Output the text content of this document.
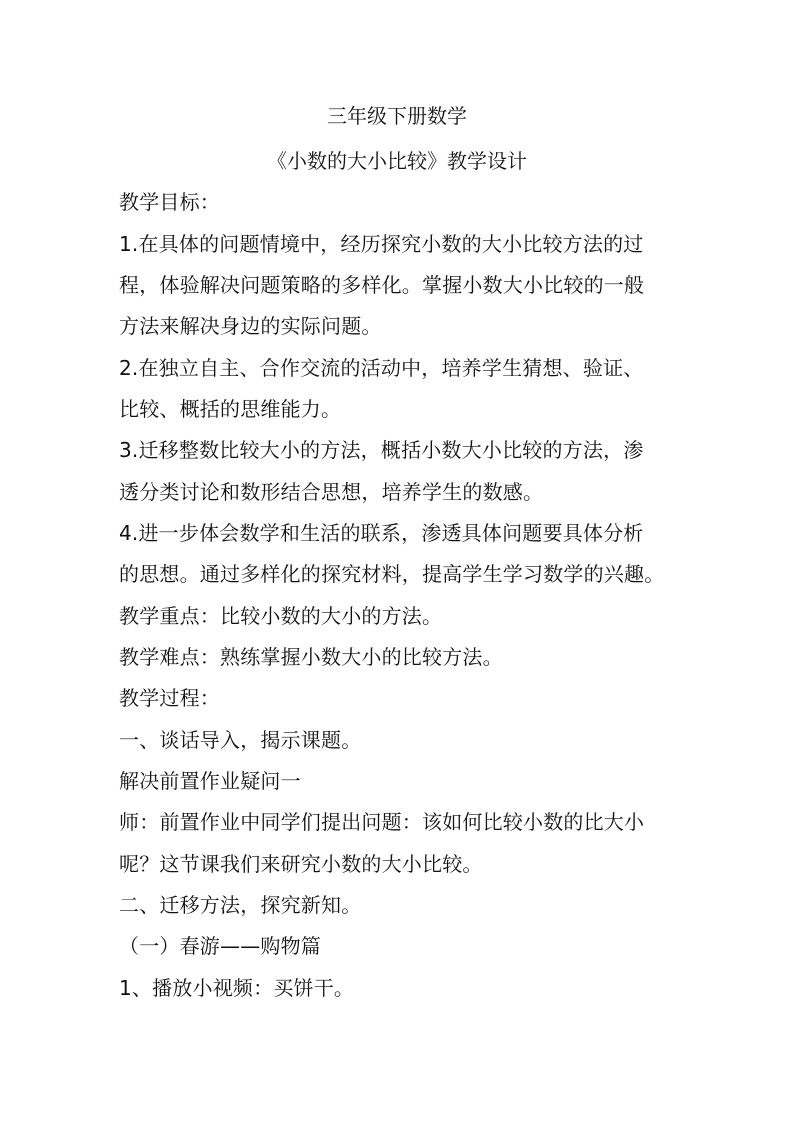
三年级下册数学
《小数的大小比较》教学设计
教学目标：
1.在具体的问题情境中，经历探究小数的大小比较方法的过
程，体验解决问题策略的多样化。掌握小数大小比较的一般
方法来解决身边的实际问题。
2.在独立自主、合作交流的活动中，培养学生猜想、验证、
比较、概括的思维能力。
3.迁移整数比较大小的方法，概括小数大小比较的方法，渗
透分类讨论和数形结合思想，培养学生的数感。
4.进一步体会数学和生活的联系，渗透具体问题要具体分析
的思想。通过多样化的探究材料，提高学生学习数学的兴趣。
教学重点：比较小数的大小的方法。
教学难点：熟练掌握小数大小的比较方法。
教学过程：
一、谈话导入，揭示课题。
解决前置作业疑问一
师：前置作业中同学们提出问题：该如何比较小数的比大小
呢？这节课我们来研究小数的大小比较。
二、迁移方法，探究新知。
（一）春游——购物篇
1、播放小视频：买饼干。
